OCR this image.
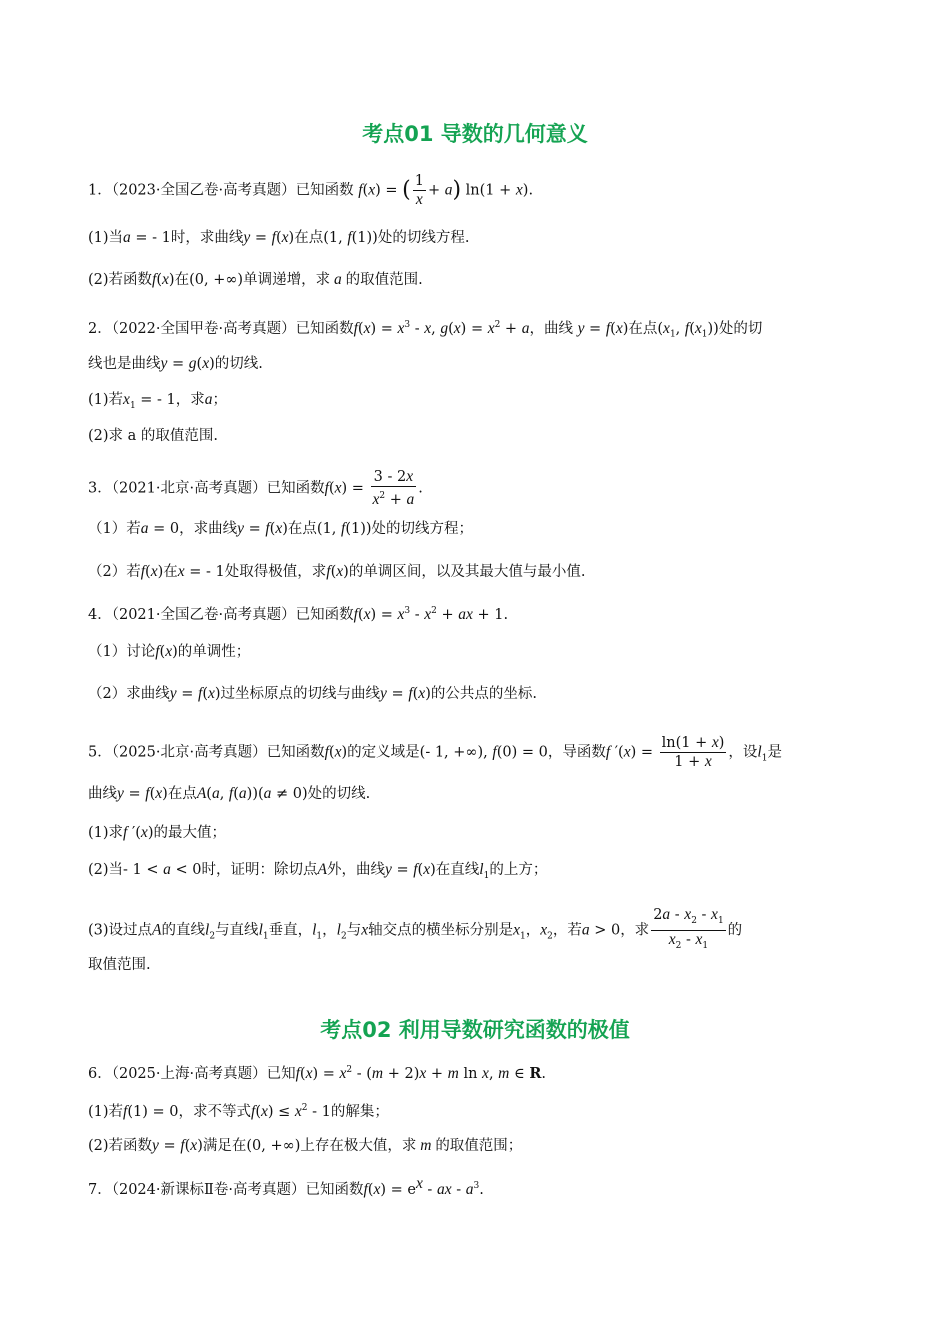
考点01 导数的几何意义
1．（2023·全国乙卷·高考真题）已知函数 f(x) = ( $\frac{1}{x} + a$) ln(1 + x).
(1)当a = - 1时，求曲线y = f(x)在点(1, f(1))处的切线方程.
(2)若函数f(x)在(0, +∞)单调递增，求 a 的取值范围.
2．（2022·全国甲卷·高考真题）已知函数$f(x) = x^3 - x$, $g(x) = x^2 + a$，曲线 y = f(x)在点($x_1$, $f(x_1)$)处的切
线也是曲线y = g(x)的切线.
(1)若$x_1$ = - 1，求a；
(2)求 a 的取值范围.
3．（2021·北京·高考真题）已知函数$f(x) = \frac{3 - 2x}{x^2 + a}$ .
（1）若a = 0，求曲线y = f(x)在点(1, f(1))处的切线方程；
（2）若f(x)在x = - 1处取得极值，求f(x)的单调区间，以及其最大值与最小值.
4．（2021·全国乙卷·高考真题）已知函数$f(x) = x^3 - x^2$ + ax + 1.
（1）讨论f(x)的单调性；
（2）求曲线y = f(x)过坐标原点的切线与曲线y = f(x)的公共点的坐标.
5．（2025·北京·高考真题）已知函数f(x)的定义域是(- 1, +∞), f(0) = 0，导函数f $'(x) = \frac{\ln(1 + x)}{1 + x}$ ，设$l_1$是
曲线y = f(x)在点A(a, f(a))(a ≠ 0)处的切线.
(1)求f ′(x)的最大值；
(2)当- 1 < a < 0时，证明：除切点A外，曲线y = f(x)在直线$l_1$的上方；
(3)设过点A的直线$l_2$与直线$l_1$垂直，$l_1$，$l_2$与x轴交点的横坐标分别是$x_1$，$x_2$，若a > 0，求 $\frac{2a - x_2 - x_1}{x_2 - x_1}$ 的
取值范围.
考点02 利用导数研究函数的极值
6．（2025·上海·高考真题）已知$f(x) = x^2 - (m + 2)x + m$ ln x, m ∈ R.
(1)若f(1) = 0，求不等式$f(x) \le x^2 - 1$的解集；
(2)若函数y = f(x)满足在(0, +∞)上存在极大值，求 m 的取值范围；
7．（2024·新课标Ⅱ卷·高考真题）已知函数$f(x) = e^x$ - ax - $a^3$.
